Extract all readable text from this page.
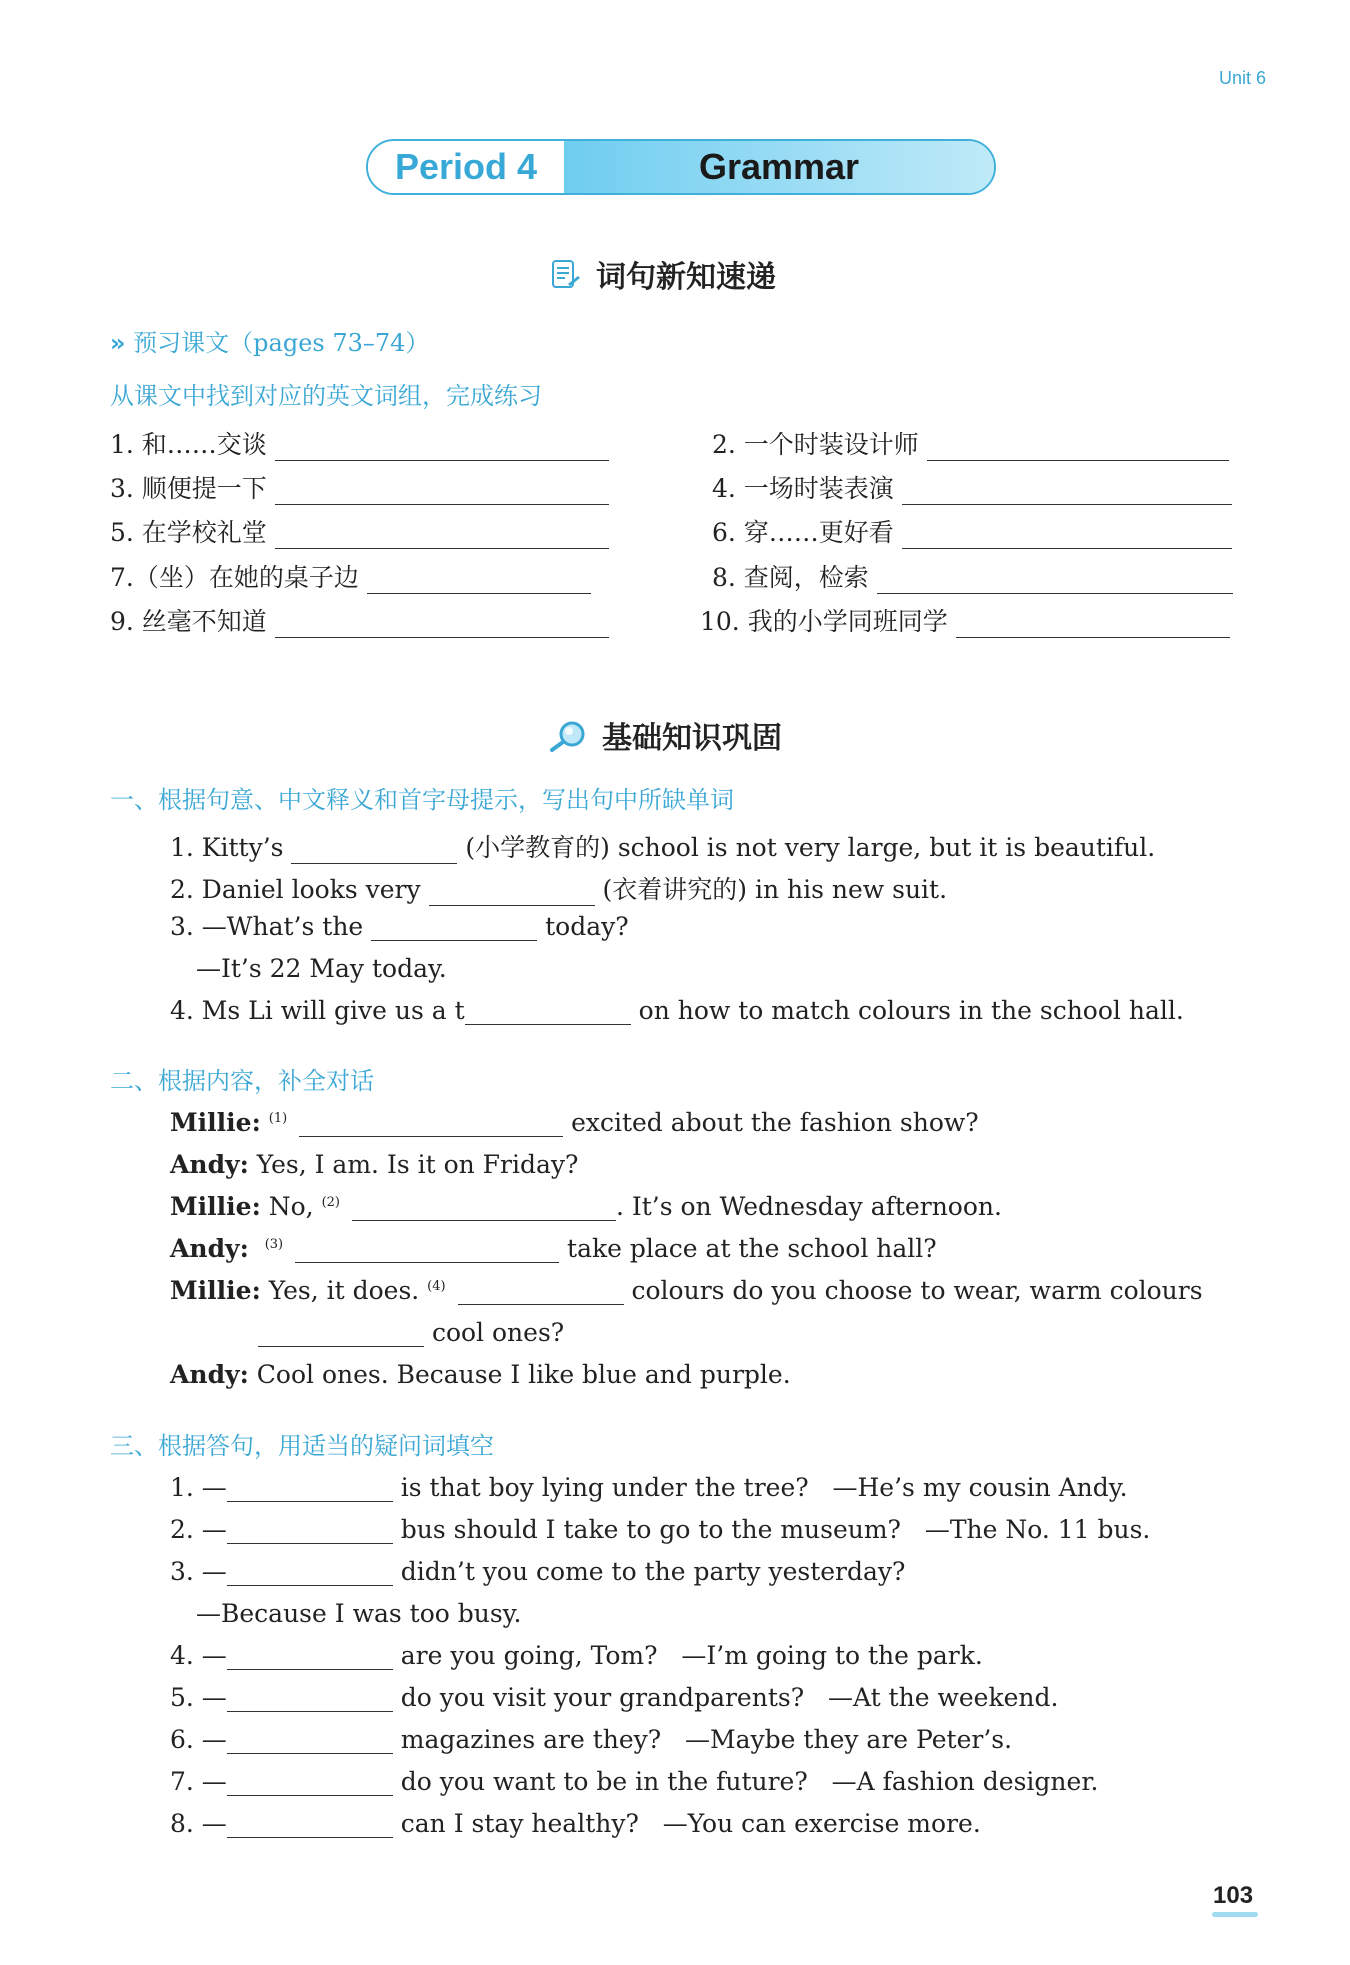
Unit 6
Period 4	Grammar
词句新知速递
» 预习课文（pages 73–74）
从课文中找到对应的英文词组，完成练习
1. 和……交谈	2. 一个时装设计师
3. 顺便提一下	4. 一场时装表演
5. 在学校礼堂	6. 穿……更好看
7.（坐）在她的桌子边	8. 查阅，检索
9. 丝毫不知道	10. 我的小学同班同学
基础知识巩固
一、根据句意、中文释义和首字母提示，写出句中所缺单词
1. Kitty’s	(小学教育的) school is not very large, but it is beautiful.
2. Daniel looks very	(衣着讲究的) in his new suit.
3. —What’s the	today?
—It’s 22 May today.
4. Ms Li will give us a t	on how to match colours in the school hall.
二、根据内容，补全对话
Millie: $^{(1)}$	excited about the fashion show?
Andy: Yes, I am. Is it on Friday?
Millie: No, $^{(2)}$	. It’s on Wednesday afternoon.
Andy: $^{(3)}$	take place at the school hall?
Millie: Yes, it does. $^{(4)}$	colours do you choose to wear, warm colours
cool ones?
Andy: Cool ones. Because I like blue and purple.
三、根据答句，用适当的疑问词填空
1. —	is that boy lying under the tree? —He’s my cousin Andy.
2. —	bus should I take to go to the museum? —The No. 11 bus.
3. —	didn’t you come to the party yesterday?
—Because I was too busy.
4. —	are you going, Tom? —I’m going to the park.
5. —	do you visit your grandparents? —At the weekend.
6. —	magazines are they? —Maybe they are Peter’s.
7. —	do you want to be in the future? —A fashion designer.
8. —	can I stay healthy? —You can exercise more.
103
